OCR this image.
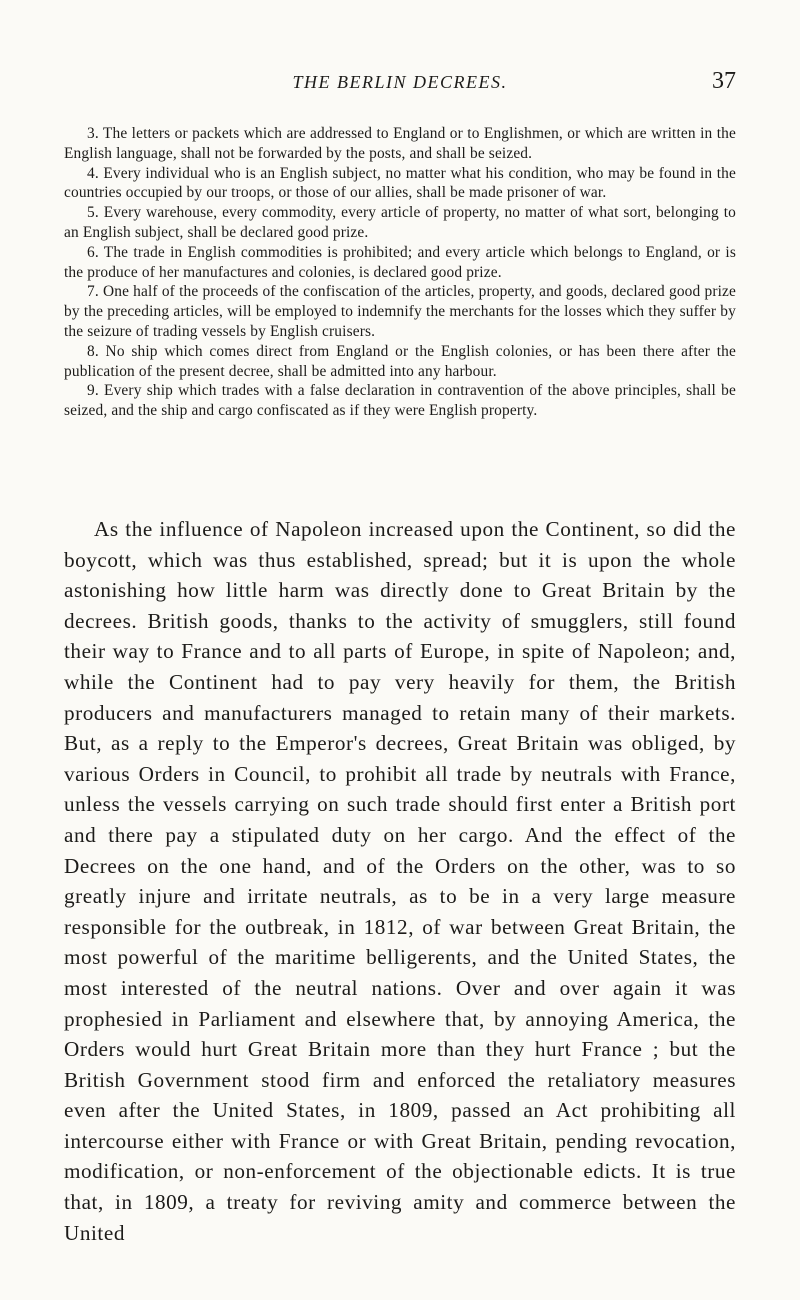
THE BERLIN DECREES.	37

3. The letters or packets which are addressed to England or to Englishmen, or which are written in the English language, shall not be forwarded by the posts, and shall be seized.

4. Every individual who is an English subject, no matter what his condition, who may be found in the countries occupied by our troops, or those of our allies, shall be made prisoner of war.

5. Every warehouse, every commodity, every article of property, no matter of what sort, belonging to an English subject, shall be declared good prize.

6. The trade in English commodities is prohibited; and every article which belongs to England, or is the produce of her manufactures and colonies, is declared good prize.

7. One half of the proceeds of the confiscation of the articles, property, and goods, declared good prize by the preceding articles, will be employed to indemnify the merchants for the losses which they suffer by the seizure of trading vessels by English cruisers.

8. No ship which comes direct from England or the English colonies, or has been there after the publication of the present decree, shall be admitted into any harbour.

9. Every ship which trades with a false declaration in contravention of the above principles, shall be seized, and the ship and cargo confiscated as if they were English property.

As the influence of Napoleon increased upon the Continent, so did the boycott, which was thus established, spread; but it is upon the whole astonishing how little harm was directly done to Great Britain by the decrees. British goods, thanks to the activity of smugglers, still found their way to France and to all parts of Europe, in spite of Napoleon; and, while the Continent had to pay very heavily for them, the British producers and manufacturers managed to retain many of their markets. But, as a reply to the Emperor's decrees, Great Britain was obliged, by various Orders in Council, to prohibit all trade by neutrals with France, unless the vessels carrying on such trade should first enter a British port and there pay a stipulated duty on her cargo. And the effect of the Decrees on the one hand, and of the Orders on the other, was to so greatly injure and irritate neutrals, as to be in a very large measure responsible for the outbreak, in 1812, of war between Great Britain, the most powerful of the maritime belligerents, and the United States, the most interested of the neutral nations. Over and over again it was prophesied in Parliament and elsewhere that, by annoying America, the Orders would hurt Great Britain more than they hurt France ; but the British Government stood firm and enforced the retaliatory measures even after the United States, in 1809, passed an Act prohibiting all intercourse either with France or with Great Britain, pending revocation, modification, or non-enforcement of the objectionable edicts. It is true that, in 1809, a treaty for reviving amity and commerce between the United
